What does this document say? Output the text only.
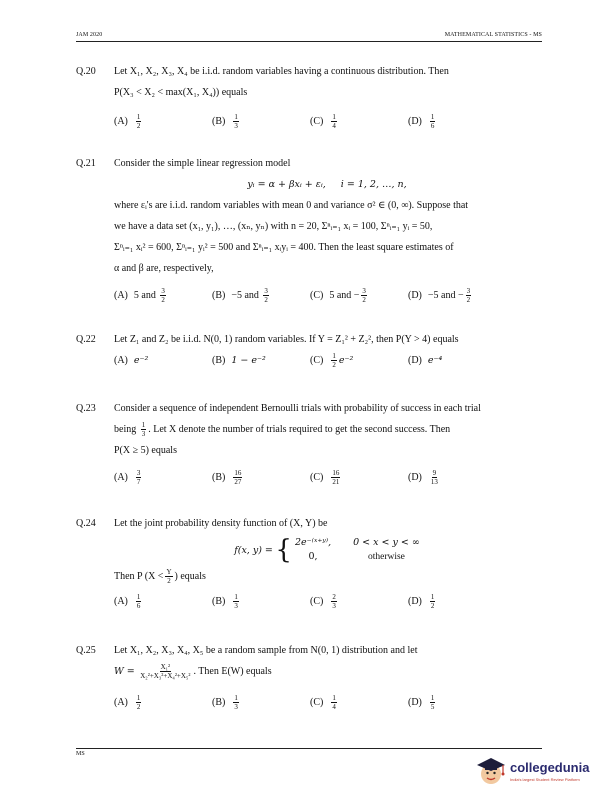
JAM 2020	MATHEMATICAL STATISTICS - MS
Q.20	Let X₁, X₂, X₃, X₄ be i.i.d. random variables having a continuous distribution. Then
P(X₃ < X₂ < max(X₁, X₄)) equals
$(A) \frac{1}{2}$	$(B) \frac{1}{3}$	$(C) \frac{1}{4}$	$(D) \frac{1}{6}$
Q.21	Consider the simple linear regression model
yᵢ = α + βxᵢ + εᵢ, i = 1, 2, …, n,
where εᵢ's are i.i.d. random variables with mean 0 and variance σ² ∈ (0, ∞). Suppose that
we have a data set (x₁, y₁), …, (xₙ, yₙ) with n = 20, Σⁿᵢ₌₁ xᵢ = 100, Σⁿᵢ₌₁ yᵢ = 50,
Σⁿᵢ₌₁ xᵢ² = 600, Σⁿᵢ₌₁ yᵢ² = 500 and Σⁿᵢ₌₁ xᵢyᵢ = 400. Then the least square estimates of
α and β are, respectively,
(A) 5 and $\frac{3}{2}$	(B) −5 and $\frac{3}{2}$	(C) 5 and − $\frac{3}{2}$	(D) −5 and − $\frac{3}{2}$
Q.22	Let Z₁ and Z₂ be i.i.d. N(0, 1) random variables. If Y = Z₁² + Z₂², then P(Y > 4) equals
(A) e⁻²	(B) 1 − e⁻²	$(C) \frac{1}{2} e^{-2}$	(D) e⁻⁴
Q.23	Consider a sequence of independent Bernoulli trials with probability of success in each trial
being $\frac{1}{3}$ . Let X denote the number of trials required to get the second success. Then
P(X ≥ 5) equals
$(A) \frac{3}{7}$	$(B) \frac{16}{27}$	$(C) \frac{16}{21}$	$(D) \frac{9}{13}$
Q.24	Let the joint probability density function of (X, Y) be
f(x, y) =
{ 2e⁻⁽ˣ⁺ʸ⁾, 0 < x < y < ∞
0,	otherwise
Then P ($X < \frac{Y}{2}$ ) equals
$(A) \frac{1}{6}$	$(B) \frac{1}{3}$	$(C) \frac{2}{3}$	$(D) \frac{1}{2}$
Q.25	Let X₁, X₂, X₃, X₄, X₅ be a random sample from N(0, 1) distribution and let
$W = \frac{\text{X₁²}}{\text{X₂²+X₃²+X₄²+X₅²}}$ . Then E(W) equals
$(A) \frac{1}{2}$	$(B) \frac{1}{3}$	$(C) \frac{1}{4}$	$(D) \frac{1}{5}$
MS
collegedunia
India's largest Student Review Platform
